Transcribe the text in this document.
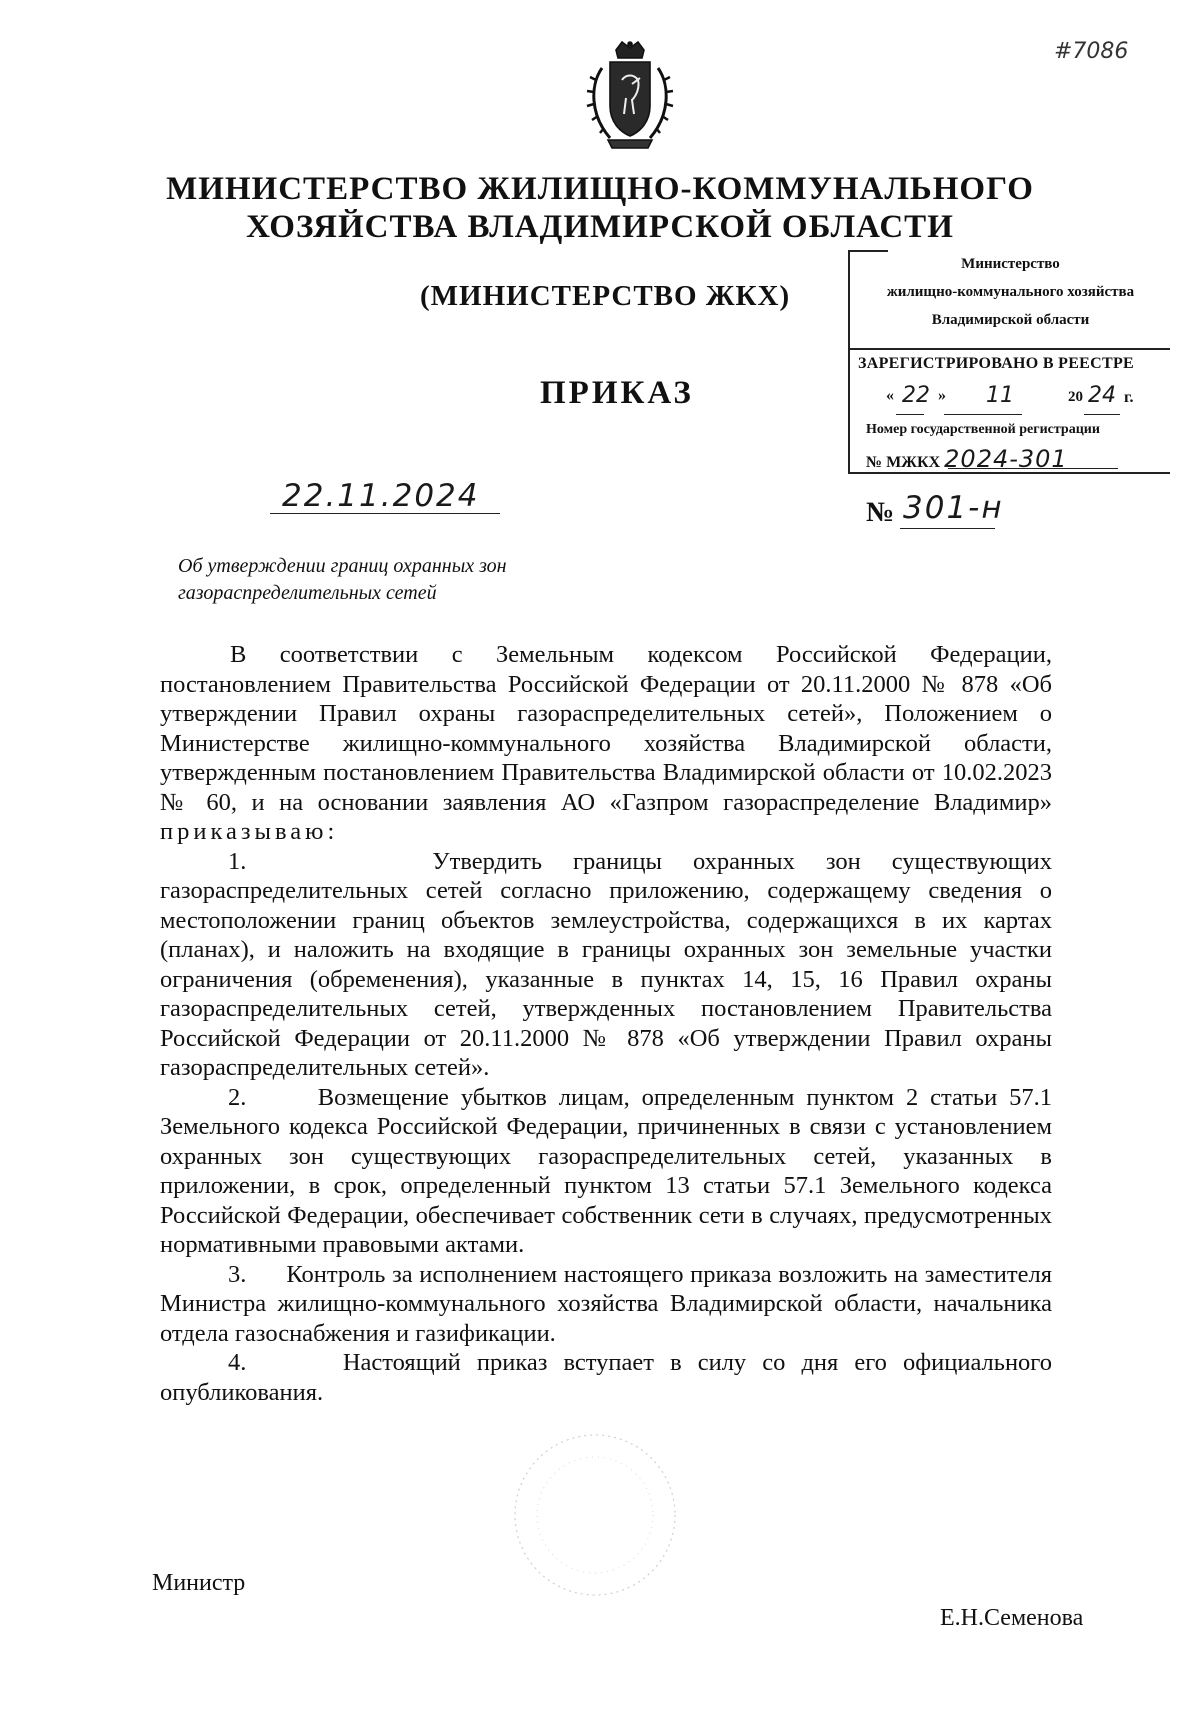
#7086
МИНИСТЕРСТВО ЖИЛИЩНО-КОММУНАЛЬНОГО
ХОЗЯЙСТВА ВЛАДИМИРСКОЙ ОБЛАСТИ
(МИНИСТЕРСТВО ЖКХ)
ПРИКАЗ
Министерство
жилищно-коммунального хозяйства
Владимирской области
ЗАРЕГИСТРИРОВАНО В РЕЕСТРЕ
« 22 » 11	20 24 г.
Номер государственной регистрации
№ МЖКХ 2024-301
22.11.2024	№ 301-н
Об утверждении границ охранных зон
газораспределительных сетей

В соответствии с Земельным кодексом Российской Федерации, постановлением Правительства Российской Федерации от 20.11.2000 № 878 «Об утверждении Правил охраны газораспределительных сетей», Положением о Министерстве жилищно-коммунального хозяйства Владимирской области, утвержденным постановлением Правительства Владимирской области от 10.02.2023 № 60, и на основании заявления АО «Газпром газораспределение Владимир» приказываю:

1.	Утвердить границы охранных зон существующих газораспределительных сетей согласно приложению, содержащему сведения о местоположении границ объектов землеустройства, содержащихся в их картах (планах), и наложить на входящие в границы охранных зон земельные участки ограничения (обременения), указанные в пунктах 14, 15, 16 Правил охраны газораспределительных сетей, утвержденных постановлением Правительства Российской Федерации от 20.11.2000 № 878 «Об утверждении Правил охраны газораспределительных сетей».

2.	Возмещение убытков лицам, определенным пунктом 2 статьи 57.1 Земельного кодекса Российской Федерации, причиненных в связи с установлением охранных зон существующих газораспределительных сетей, указанных в приложении, в срок, определенный пунктом 13 статьи 57.1 Земельного кодекса Российской Федерации, обеспечивает собственник сети в случаях, предусмотренных нормативными правовыми актами.

3. Контроль за исполнением настоящего приказа возложить на заместителя Министра жилищно-коммунального хозяйства Владимирской области, начальника отдела газоснабжения и газификации.

4.	Настоящий приказ вступает в силу со дня его официального опубликования.

Министр
Е.Н.Семенова
